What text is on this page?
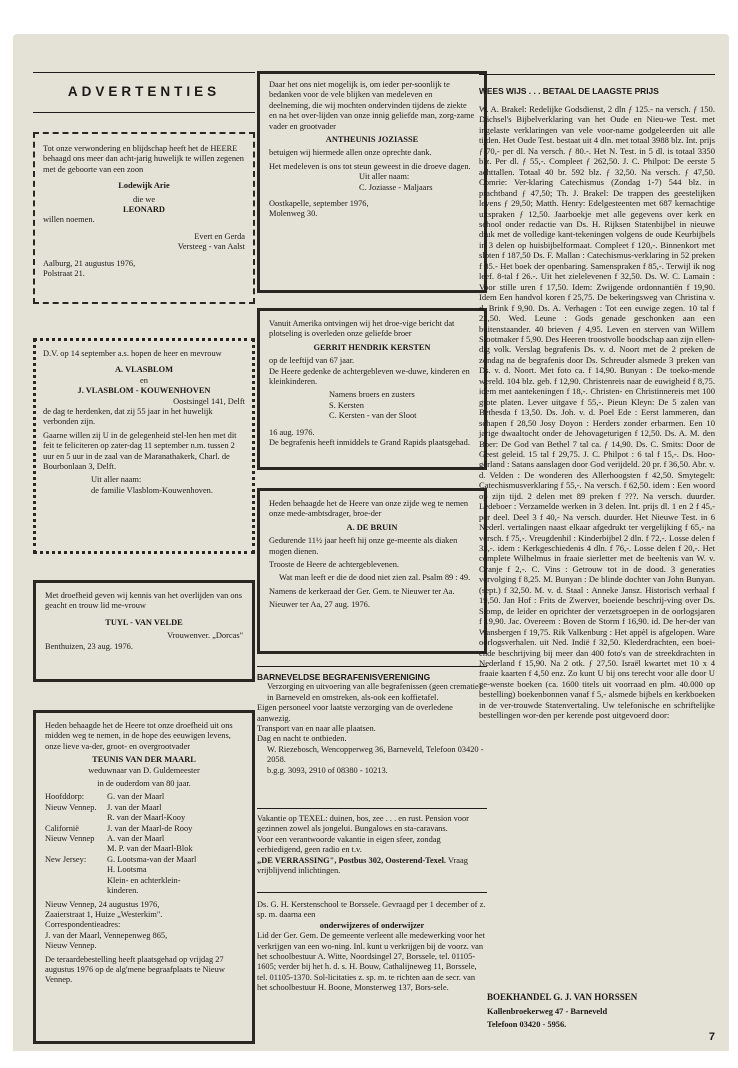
ADVERTENTIES

Tot onze verwondering en blijdschap heeft het de HEERE behaagd ons meer dan acht-jarig huwelijk te willen zegenen met de geboorte van een zoon

Lodewijk Arie

die we

LEONARD

willen noemen.

Evert en Gerda

Versteeg - van Aalst

Aalburg, 21 augustus 1976,

Polstraat 21.

D.V. op 14 september a.s. hopen de heer en mevrouw

A. VLASBLOM

en

J. VLASBLOM - KOUWENHOVEN

Oostsingel 141, Delft

de dag te herdenken, dat zij 55 jaar in het huwelijk verbonden zijn.

Gaarne willen zij U in de gelegenheid stel-len hen met dit feit te feliciteren op zater-dag 11 september n.m. tussen 2 uur en 5 uur in de zaal van de Maranathakerk, Charl. de Bourbonlaan 3, Delft.

Uit aller naam:

de familie Vlasblom-Kouwenhoven.

Met droefheid geven wij kennis van het overlijden van ons geacht en trouw lid me-vrouw

TUYL - VAN VELDE

Vrouwenver. „Dorcas"

Benthuizen, 23 aug. 1976.

Heden behaagde het de Heere tot onze droefheid uit ons midden weg te nemen, in de hope des eeuwigen levens, onze lieve va-der, groot- en overgrootvader

TEUNIS VAN DER MAARL

weduwnaar van D. Guldemeester

in de ouderdom van 80 jaar.

Hoofddorp:	G. van der Maarl
Nieuw Vennep.	J. van der Maarl
R. van der Maarl-Kooy
Californië	J. van der Maarl-de Rooy
Nieuw Vennep	A. van der Maarl
M. P. van der Maarl-Blok
New Jersey:	G. Lootsma-van der Maarl
H. Lootsma
Klein- en achterklein-
kinderen.

Nieuw Vennep, 24 augustus 1976,

Zaaierstraat 1, Huize „Westerkim".

Correspondentieadres:

J. van der Maarl, Vennepenweg 865,

Nieuw Vennep.

De teraardebestelling heeft plaatsgehad op vrijdag 27 augustus 1976 op de alg'mene begraafplaats te Nieuw Vennep.

Daar het ons niet mogelijk is, om ieder per-soonlijk te bedanken voor de vele blijken van medeleven en deelneming, die wij mochten ondervinden tijdens de ziekte en na het over-lijden van onze innig geliefde man, zorg-zame vader en grootvader

ANTHEUNIS JOZIASSE

betuigen wij hiermede allen onze oprechte dank.

Het medeleven is ons tot steun geweest in die droeve dagen.

Uit aller naam:

C. Joziasse - Maljaars

Oostkapelle, september 1976,

Molenweg 30.

Vanuit Amerika ontvingen wij het droe-vige bericht dat plotseling is overleden onze geliefde broer

GERRIT HENDRIK KERSTEN

op de leeftijd van 67 jaar.

De Heere gedenke de achtergebleven we-duwe, kinderen en kleinkinderen.

Namens broers en zusters

S. Kersten

C. Kersten - van der Sloot

16 aug. 1976.

De begrafenis heeft inmiddels te Grand Rapids plaatsgehad.

Heden behaagde het de Heere van onze zijde weg te nemen onze mede-ambtsdrager, broe-der

A. DE BRUIN

Gedurende 11½ jaar heeft hij onze ge-meente als diaken mogen dienen.

Trooste de Heere de achtergeblevenen.

Wat man leeft er die de dood niet zien zal. Psalm 89 : 49.

Namens de kerkeraad der Ger. Gem. te Nieuwer ter Aa.

Nieuwer ter Aa, 27 aug. 1976.

BARNEVELDSE BEGRAFENISVERENIGING

Verzorging en uitvoering van alle begrafenissen (geen crematie) in Barneveld en omstreken, als-ook een koffietafel.

Eigen personeel voor laatste verzorging van de overledene aanwezig.

Transport van en naar alle plaatsen.

Dag en nacht te ontbieden.

W. Riezebosch, Wencopperweg 36, Barneveld, Telefoon 03420 - 2058.

b.g.g. 3093, 2910 of 08380 - 10213.

Vakantie op TEXEL: duinen, bos, zee . . . en rust. Pension voor gezinnen zowel als jongelui. Bungalows en sta-caravans.

Voor een verantwoorde vakantie in eigen sfeer, zondag eerbiedigend, geen radio en t.v.

„DE VERRASSING", Postbus 302, Oosterend-Texel. Vraag vrijblijvend inlichtingen.

Ds. G. H. Kerstenschool te Borssele. Gevraagd per 1 december of z. sp. m. daarna een

onderwijzeres of onderwijzer

Lid der Ger. Gem. De gemeente verleent alle medewerking voor het verkrijgen van een wo-ning. Inl. kunt u verkrijgen bij de voorz. van het schoolbestuur A. Witte, Noordsingel 27, Borssele, tel. 01105-1605; verder bij het h. d. s. H. Bouw, Cathalijneweg 11, Borssele, tel. 01105-1370. Sol-licitaties z. sp. m. te richten aan de secr. van het schoolbestuur H. Boone, Monsterweg 137, Bors-sele.

WEES WIJS . . . BETAAL DE LAAGSTE PRIJS

W. A. Brakel: Redelijke Godsdienst, 2 dln ƒ 125.- na versch. ƒ 150. Dächsel's Bijbelverklaring van het Oude en Nieu-we Test. met ingelaste verklaringen van vele voor-name godgeleerden uit alle tijden. Het Oude Test. bestaat uit 4 dln. met totaal 3988 blz. Int. prijs ƒ 70,- per dl. Na versch. ƒ 80.-. Het N. Test. in 5 dl. is totaal 3350 blz. Per dl. ƒ 55,-. Compleet ƒ 262,50. J. C. Philpot: De eerste 5 achttallen. Totaal 40 br. 592 blz. ƒ 32,50. Na versch. ƒ 47,50. Comrie: Ver-klaring Catechismus (Zondag 1-7) 544 blz. in prachtband ƒ 47,50; Th. J. Brakel: De trappen des geestelijken levens ƒ 29,50; Matth. Henry: Edelgesteenten met 687 kernachtige uitspraken ƒ 12,50. Jaarboekje met alle gegevens over kerk en school onder redactie van Ds. H. Rijksen Statenbijbel in nieuwe druk met de volledige kant-tekeningen volgens de oude Keurbijbels in 3 delen op huisbijbelformaat. Compleet f 120,-. Binnenkort met sloten f 187,50 Ds. F. Mallan : Catechismus-verklaring in 52 preken f 85.- Het boek der openbaring. Samenspraken f 85,-. Terwijl ik nog leef. 8-tal f 26.-. Uit het zielelevenen f 32,50. Ds. W. C. Lamain : Voor stille uren f 17,50. Idem: Zwijgende ordonnantiën f 19,90. Idem Een handvol koren f 25,75. De bekeringsweg van Christina v. d. Brink f 9,90. Ds. A. Verhagen : Tot een euwige zegen. 10 tal f 22,50. Wed. Leune : Gods genade geschonken aan een buitenstaander. 40 brieven ƒ 4,95. Leven en sterven van Willem Slootmaker f 5,90. Des Heeren troostvolle boodschap aan zijn ellen-dig volk. Verslag begrafenis Ds. v. d. Noort met de 2 preken de zondag na de begrafenis door Ds. Schreuder alsmede 3 preken van Ds. v. d. Noort. Met foto ca. f 14,90. Bunyan : De toeko-mende wereld. 104 blz. geb. f 12,90. Christenreis naar de euwigheid f 8,75. idem met aantekeningen f 18,-. Christen- en Christinnereis met 100 grote platen. Lever uitgave f 55,-. Pieun Kleyn: De 5 zalen van Bethesda f 13,50. Ds. Joh. v. d. Poel Ede : Eerst lammeren, dan schapen f 28,50 Josy Doyon : Herders zonder erbarmen. Een 10 jarige dwaaltocht onder de Jehovageturigen f 12,50. Ds. A. M. den Boer: De God van Bethel 7 tal ca. ƒ 14,90. Ds. C. Smits: Door de Geest geleid. 15 tal f 29,75. J. C. Philpot : 6 tal f 15,-. Ds. Hoo-gerland : Satans aanslagen door God verijdeld. 20 pr. f 36,50. Abr. v. d. Velden : De wonderen des Allerhoogsten f 42,50. Smytegelt: Catechismusverklaring f 55,-. Na versch. f 62,50. idem : Een woord op zijn tijd. 2 delen met 89 preken f ???. Na versch. duurder. Ledeboer : Verzamelde werken in 3 delen. Int. prijs dl. 1 en 2 f 45,- per deel. Deel 3 f 40,- Na versch. duurder. Het Nieuwe Test. in 6 Nederl. vertalingen naast elkaar afgedrukt ter vergelijking f 65,- na versch. f 75,-. Vreugdenhil : Kinderbijbel 2 dln. f 72,-. Losse delen f 33,-. idem : Kerkgeschiedenis 4 dln. f 76,-. Losse delen f 20,-. Het complete Wilhelmus in fraaie sierletter met de beeltenis van W. v. Oranje f 2,-. C. Vins : Getrouw tot in de dood. 3 generaties vervolging f 8,25. M. Bunyan : De blinde dochter van John Bunyan. (sept.) f 32,50. M. v. d. Staal : Anneke Jansz. Historisch verhaal f 19,50. Jan Hof : Frits de Zwerver, boeiende beschrij-ving over Ds. Slomp, de leider en oprichter der verzetsgroepen in de oorlogsjaren f 19,90. Jac. Overeem : Boven de Storm f 16,90. id. De her-der van Wansbergen f 19,75. Rik Valkenburg : Het appèl is afgelopen. Ware oorlogsverhalen. uit Ned. Indië f 32,50. Klederdrachten, een boei-ende beschrijving bij meer dan 400 foto's van de streekdrachten in Nederland f 15,90. Na 2 otk. ƒ 27,50. Israël kwartet met 10 x 4 fraaie kaarten f 4,50 enz. Zo kunt U bij ons terecht voor alle door U ge-wenste boeken (ca. 1600 titels uit voorraad en plm. 40.000 op bestelling) boekenbonnen vanaf f 5,- alsmede bijbels en kerkboeken in de ver-trouwde Statenvertaling. Uw telefonische en schriftelijke bestellingen wor-den per kerende post uitgevoerd door:

BOEKHANDEL G. J. VAN HORSSEN

Kallenbroekerweg 47 - Barneveld

Telefoon 03420 - 5956.

7
